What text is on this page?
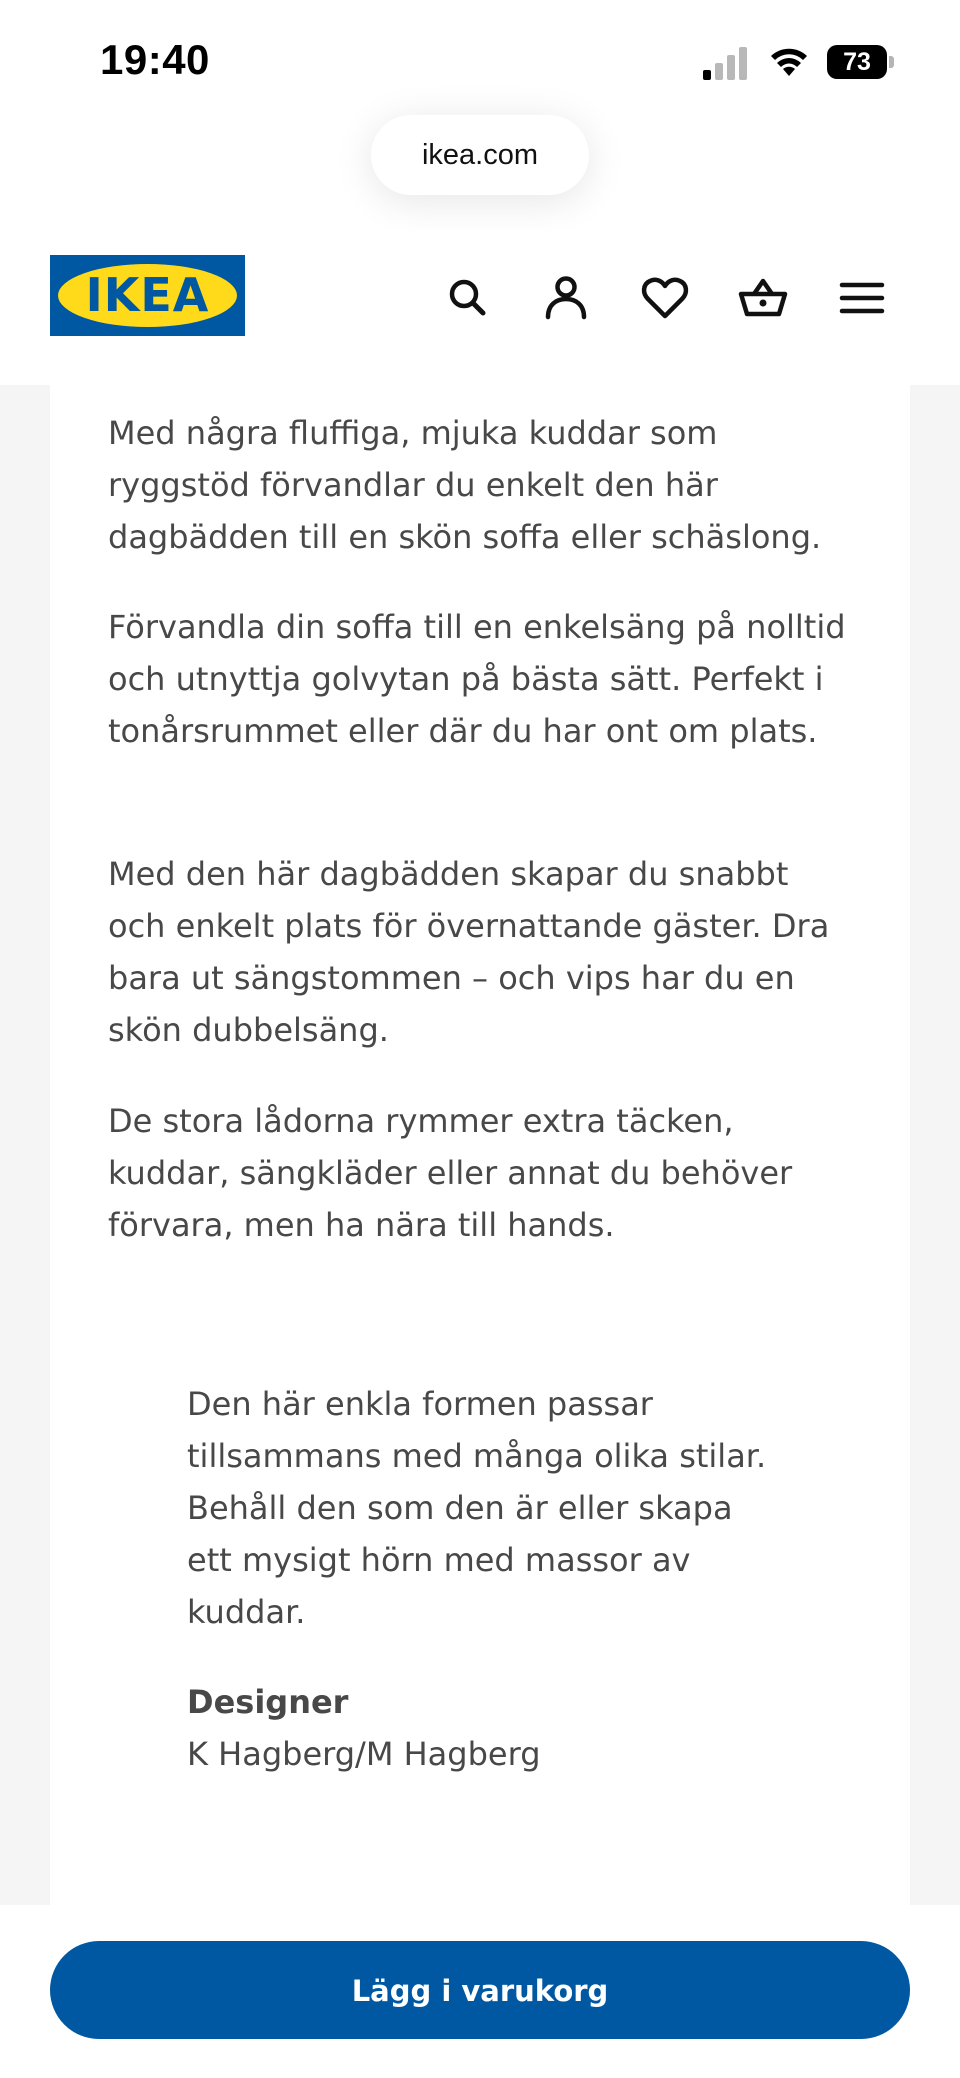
19:40	73
ikea.com
IKEA

Med några fluffiga, mjuka kuddar som ryggstöd förvandlar du enkelt den här dagbädden till en skön soffa eller schäslong.

Förvandla din soffa till en enkelsäng på nolltid och utnyttja golvytan på bästa sätt. Perfekt i tonårsrummet eller där du har ont om plats.

Med den här dagbädden skapar du snabbt och enkelt plats för övernattande gäster. Dra bara ut sängstommen – och vips har du en skön dubbelsäng.

De stora lådorna rymmer extra täcken, kuddar, sängkläder eller annat du behöver förvara, men ha nära till hands.

Den här enkla formen passar tillsammans med många olika stilar. Behåll den som den är eller skapa ett mysigt hörn med massor av kuddar.

Designer
K Hagberg/M Hagberg
Lägg i varukorg
